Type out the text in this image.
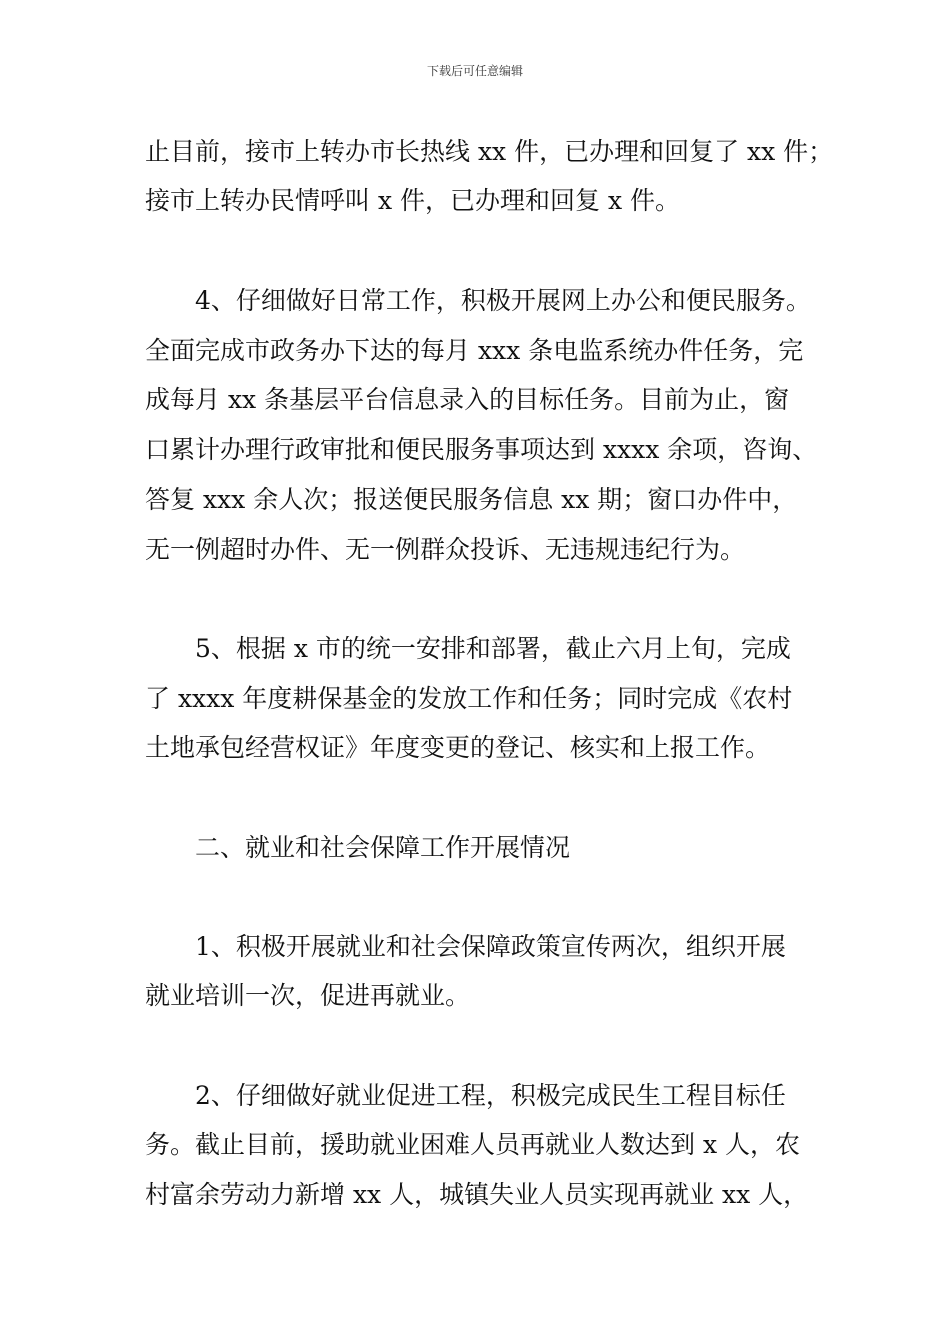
下载后可任意编辑
止目前，接市上转办市长热线 xx 件，已办理和回复了 xx 件；
接市上转办民情呼叫 x 件，已办理和回复 x 件。
4、仔细做好日常工作，积极开展网上办公和便民服务。
全面完成市政务办下达的每月 xxx 条电监系统办件任务，完
成每月 xx 条基层平台信息录入的目标任务。目前为止，窗
口累计办理行政审批和便民服务事项达到 xxxx 余项，咨询、
答复 xxx 余人次；报送便民服务信息 xx 期；窗口办件中，
无一例超时办件、无一例群众投诉、无违规违纪行为。
5、根据 x 市的统一安排和部署，截止六月上旬，完成
了 xxxx 年度耕保基金的发放工作和任务；同时完成《农村
土地承包经营权证》年度变更的登记、核实和上报工作。
二、就业和社会保障工作开展情况
1、积极开展就业和社会保障政策宣传两次，组织开展
就业培训一次，促进再就业。
2、仔细做好就业促进工程，积极完成民生工程目标任
务。截止目前，援助就业困难人员再就业人数达到 x 人，农
村富余劳动力新增 xx 人，城镇失业人员实现再就业 xx 人，
